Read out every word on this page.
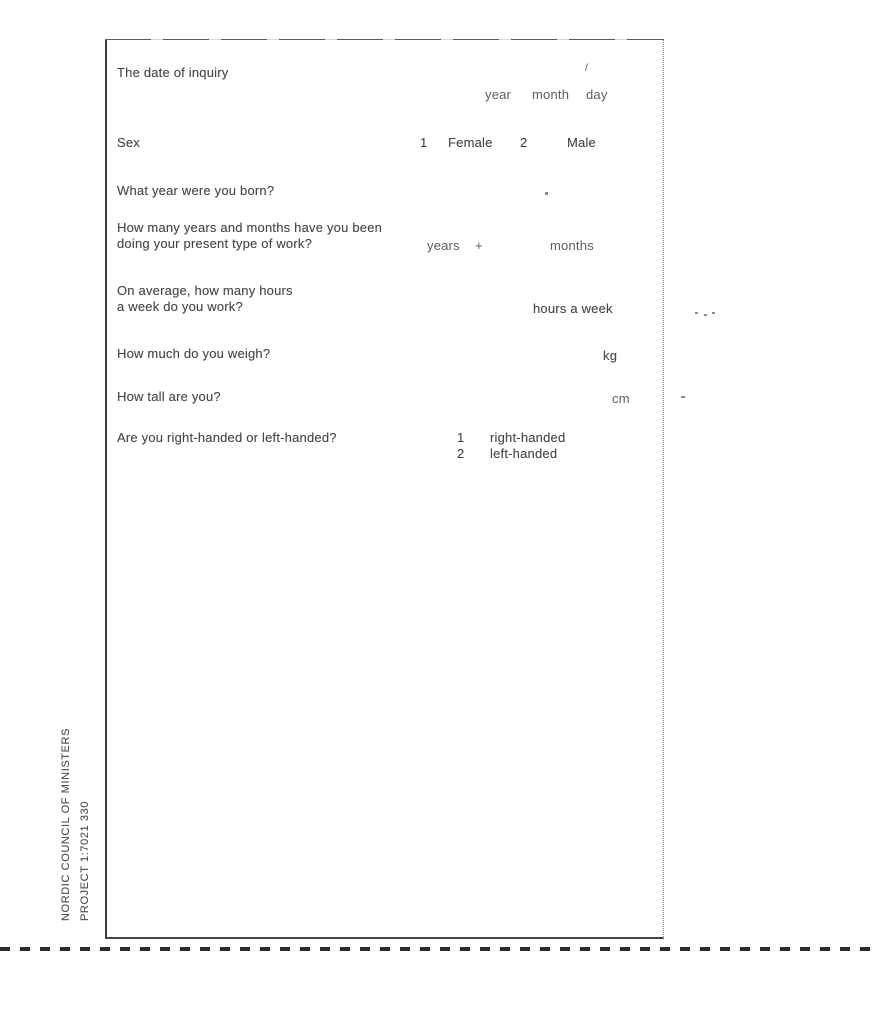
NORDIC COUNCIL OF MINISTERS PROJECT 1:7021 330
The date of inquiry	/
year month day
Sex	1 Female 2	Male
What year were you born?
How many years and months have you been
doing your present type of work?	years +	months
On average, how many hours
a week do you work?	hours a week
How much do you weigh?	kg
How tall are you?	cm
Are you right-handed or left-handed?	1 right-handed
2 left-handed
